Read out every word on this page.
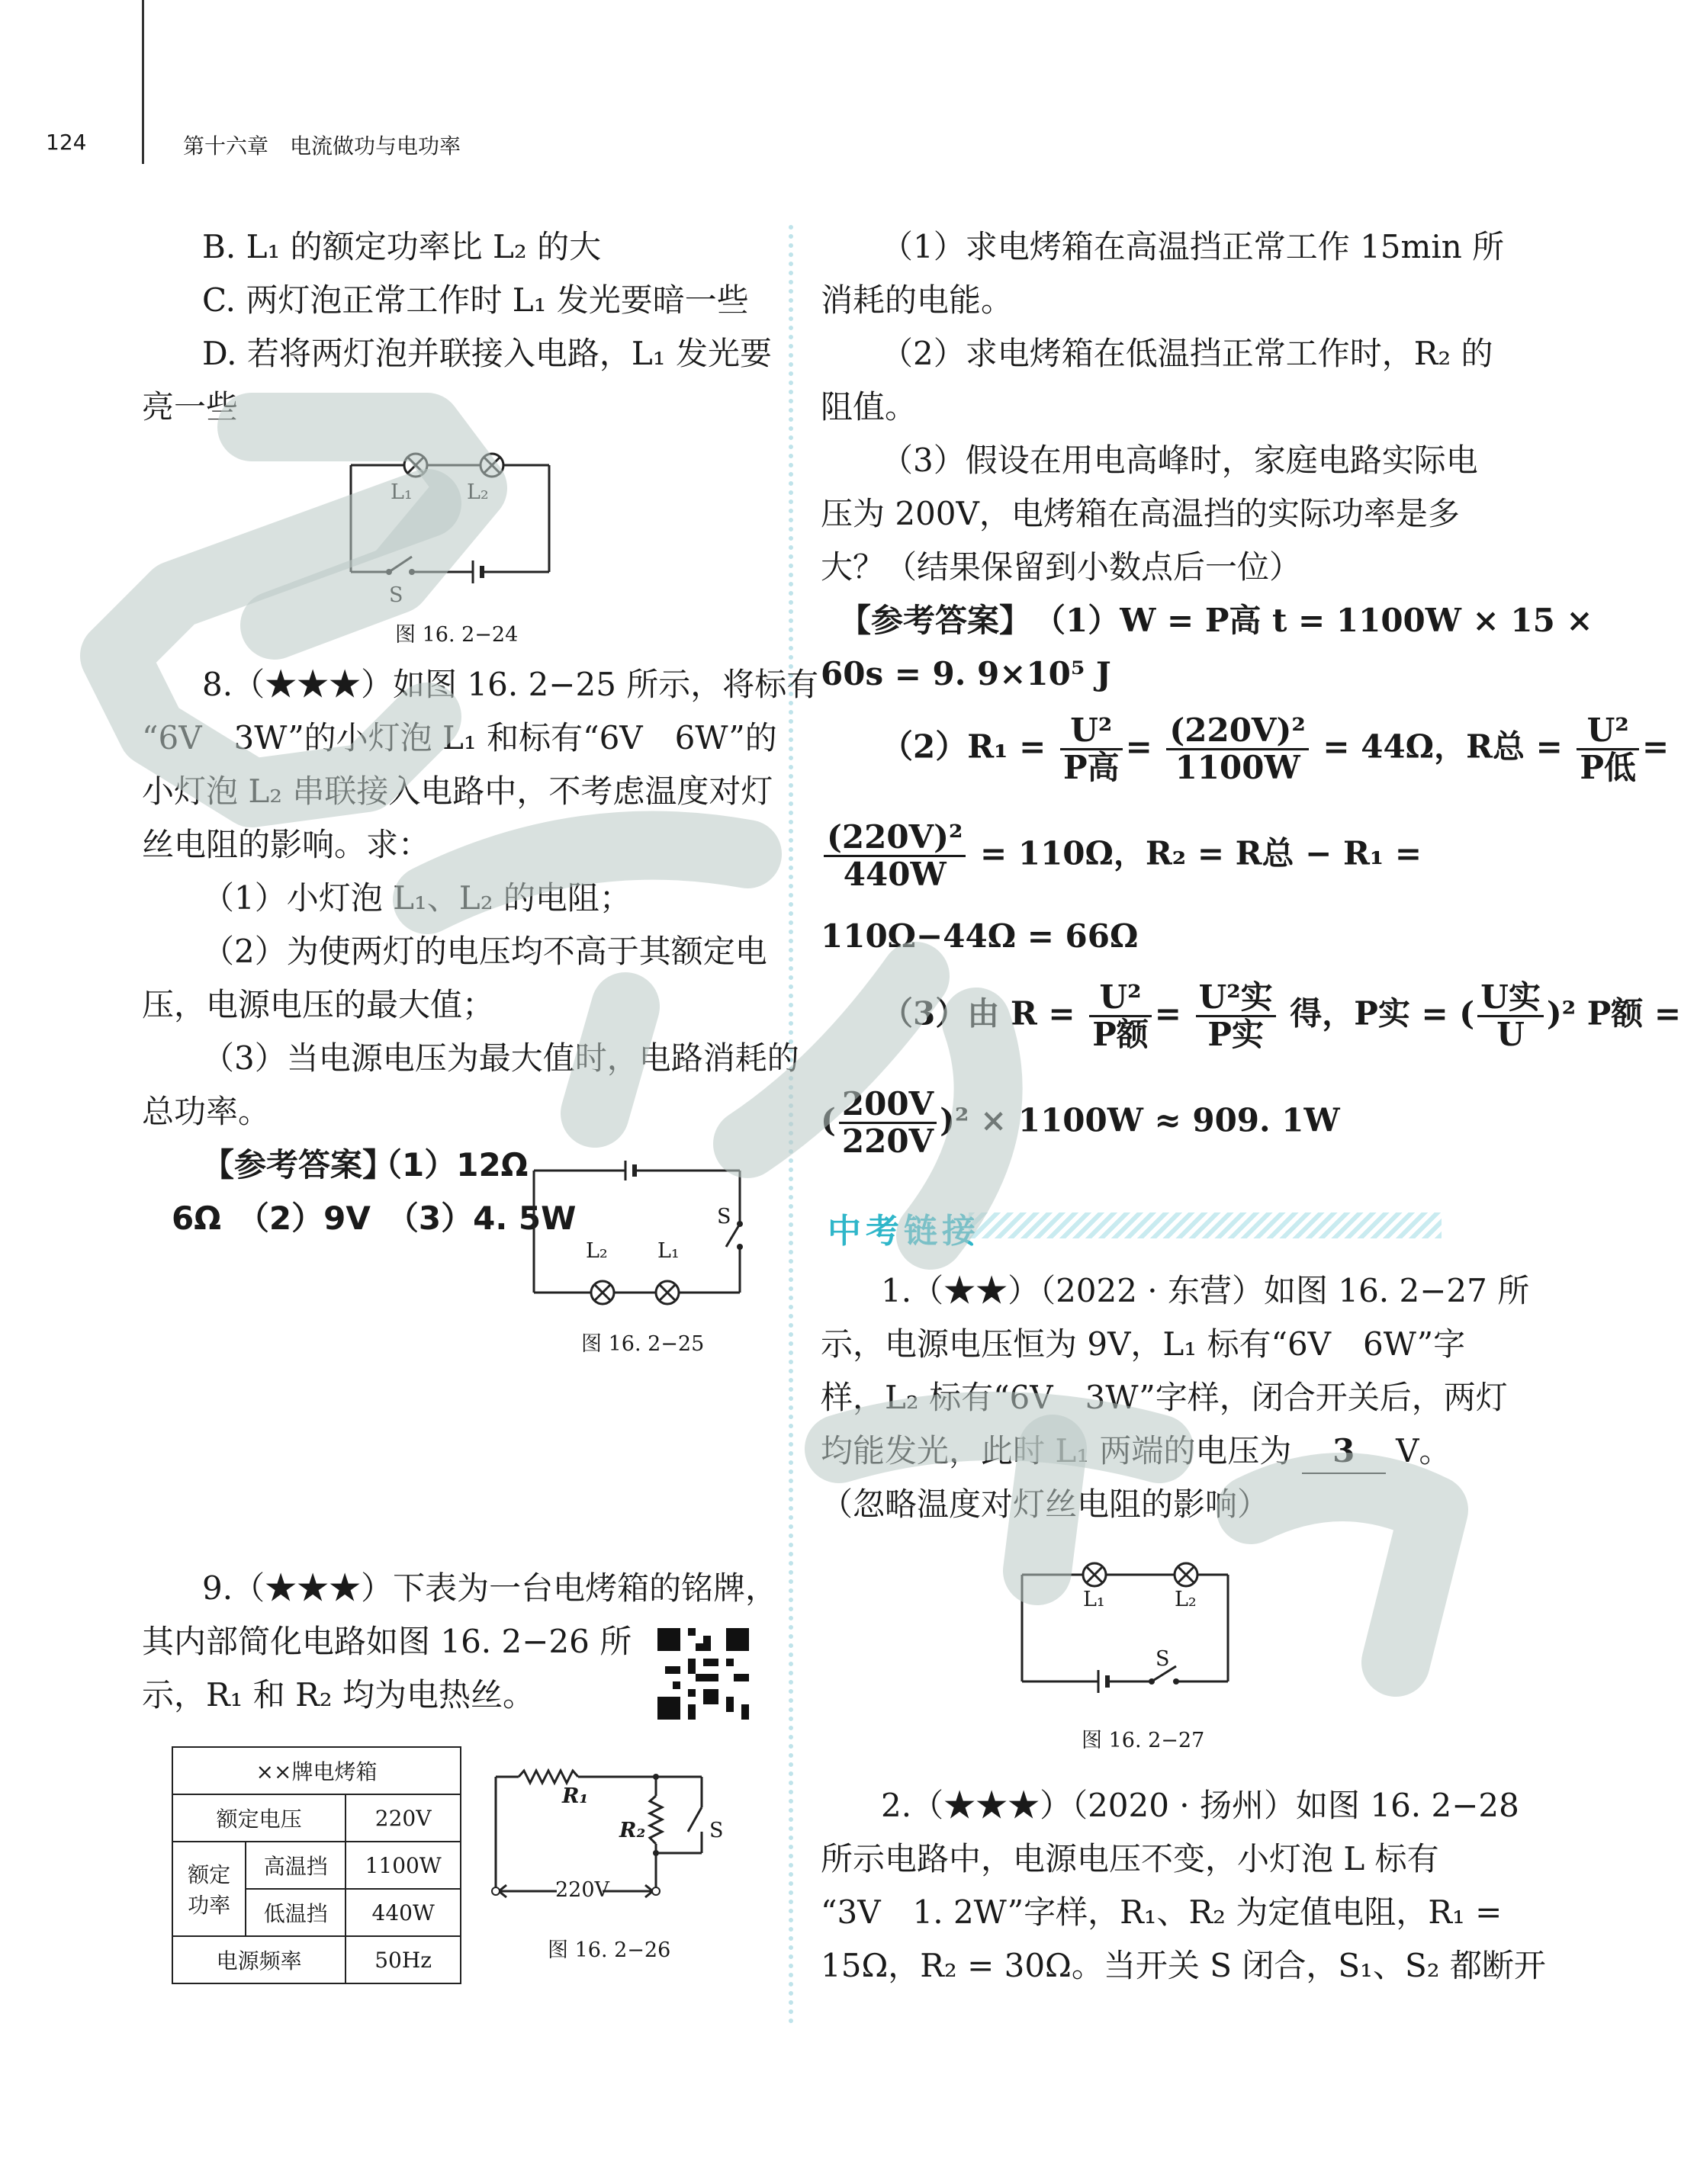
124	第十六章　电流做功与电功率
B. L₁ 的额定功率比 L₂ 的大
C. 两灯泡正常工作时 L₁ 发光要暗一些
D. 若将两灯泡并联接入电路，L₁ 发光要
亮一些
L₁	L₂
S
图 16. 2−24
8.（★★★）如图 16. 2−25 所示，将标有
“6V　3W”的小灯泡 L₁ 和标有“6V　6W”的
小灯泡 L₂ 串联接入电路中，不考虑温度对灯
丝电阻的影响。求：
（1）小灯泡 L₁、L₂ 的电阻；
（2）为使两灯的电压均不高于其额定电
压，电源电压的最大值；
（3）当电源电压为最大值时，电路消耗的
总功率。
【参考答案】
（1）12Ω
6Ω　（2）9V　（3）4. 5W	S
L₂ L₁
图 16. 2−25
9.（★★★）下表为一台电烤箱的铭牌，
其内部简化电路如图 16. 2−26 所
示，R₁ 和 R₂ 均为电热丝。
××牌电烤箱		
额定电压		220V
额定
功率	高温挡	1100W
	低温挡	440W
电源频率		50Hz
R₁
R₂	S
220V
图 16. 2−26
（1）求电烤箱在高温挡正常工作 15min 所
消耗的电能。
（2）求电烤箱在低温挡正常工作时，R₂ 的
阻值。
（3）假设在用电高峰时，家庭电路实际电
压为 200V，电烤箱在高温挡的实际功率是多
大？（结果保留到小数点后一位）
【参考答案】 （1）W = P高 t = 1100W × 15 ×
60s = 9. 9×10⁵ J
$(2)R_1 = \frac{\text{U²}}{\text{P高}} = \frac{\text{(220V)²}}{1100W} = 44\Omega$，R总 = $\frac{\text{U²}}{\text{P低}}$ =
$\frac{\text{(220V)²}}{440W} = 110\Omega$，R₂ = R总 − R₁ =
110Ω−44Ω = 66Ω
（3）由 $R = \frac{\text{U²}}{\text{P额}} = \frac{\text{U²实}}{\text{P实}}$ 得，P实 = ( $\frac{\text{U实}}{U} )^2$ P额 =
( $\frac{200V}{220V} )^2 \times 1100W \approx 909$. 1W
中考链接
1.（★★）（2022 · 东营）如图 16. 2−27 所
示，电源电压恒为 9V，L₁ 标有“6V　6W”字
样，L₂ 标有“6V　3W”字样，闭合开关后，两灯
均能发光，此时 L₁ 两端的电压为 3 V。
（忽略温度对灯丝电阻的影响）
L₁	L₂
S
图 16. 2−27
2.（★★★）（2020 · 扬州）如图 16. 2−28
所示电路中，电源电压不变，小灯泡 L 标有
“3V　1. 2W”字样，R₁、R₂ 为定值电阻，R₁ =
15Ω，R₂ = 30Ω。当开关 S 闭合，S₁、S₂ 都断开
